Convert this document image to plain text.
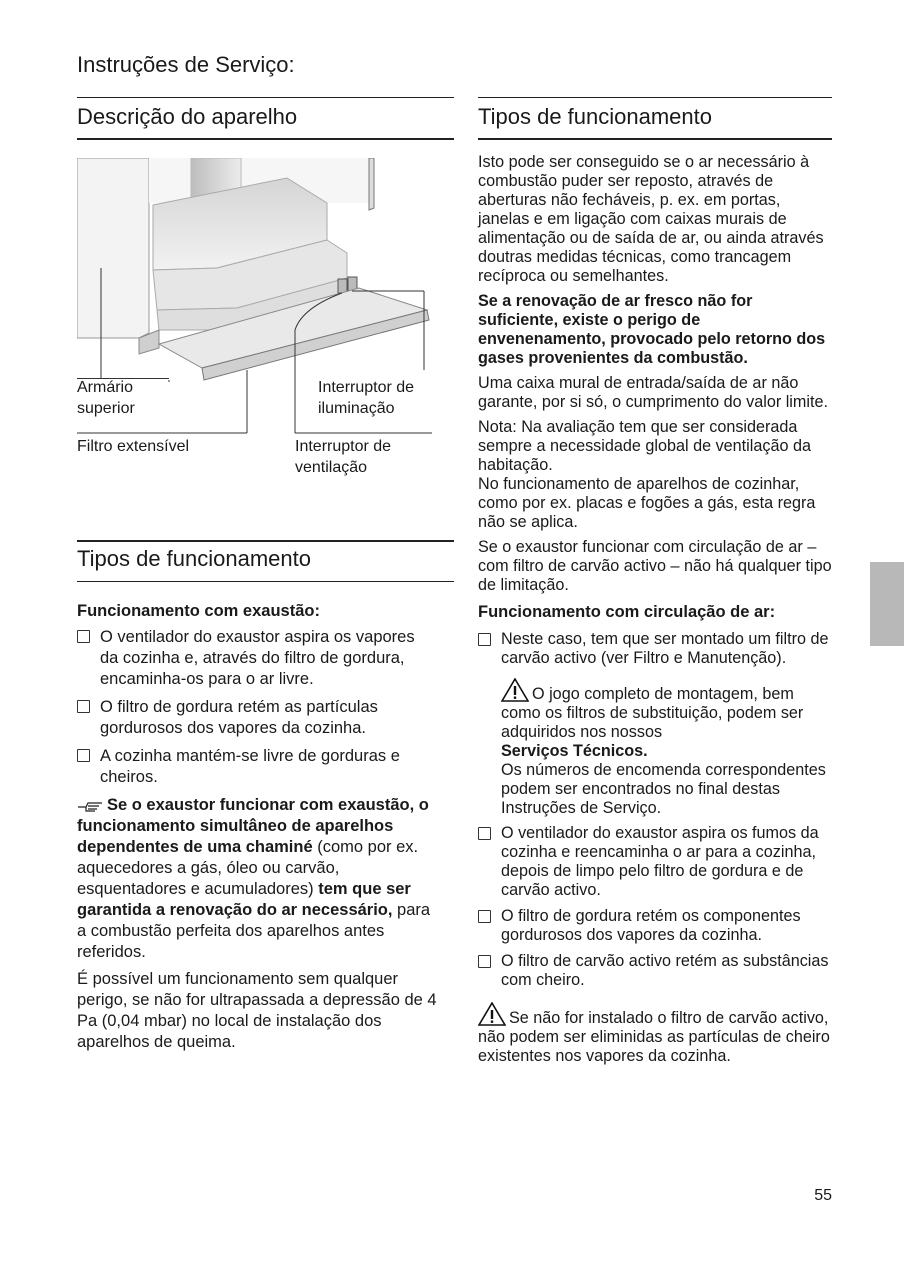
Instruções de Serviço:
Descrição do aparelho
Armário
superior
Interruptor de
iluminação
Filtro extensível	Interruptor de
ventilação
Tipos de funcionamento
Funcionamento com exaustão:
O ventilador do exaustor aspira os vapores da cozinha e, através do filtro de gordura, encaminha-os para o ar livre.
O filtro de gordura retém as partículas gordurosos dos vapores da cozinha.
A cozinha mantém-se livre de gorduras e cheiros.

Se o exaustor funcionar com exaustão, o funcionamento simultâneo de aparelhos dependentes de uma chaminé (como por ex. aquecedores a gás, óleo ou carvão, esquentadores e acumuladores) tem que ser garantida a renovação do ar necessário, para a combustão perfeita dos aparelhos antes referidos.

É possível um funcionamento sem qualquer perigo, se não for ultrapassada a depressão de 4 Pa (0,04 mbar) no local de instalação dos aparelhos de queima.

Tipos de funcionamento

Isto pode ser conseguido se o ar necessário à combustão puder ser reposto, através de aberturas não fecháveis, p. ex. em portas, janelas e em ligação com caixas murais de alimentação ou de saída de ar, ou ainda através doutras medidas técnicas, como trancagem recíproca ou semelhantes.

Se a renovação de ar fresco não for suficiente, existe o perigo de envenenamento, provocado pelo retorno dos gases provenientes da combustão.

Uma caixa mural de entrada/saída de ar não garante, por si só, o cumprimento do valor limite.

Nota: Na avaliação tem que ser considerada sempre a necessidade global de ventilação da habitação.

No funcionamento de aparelhos de cozinhar, como por ex. placas e fogões a gás, esta regra não se aplica.

Se o exaustor funcionar com circulação de ar – com filtro de carvão activo – não há qualquer tipo de limitação.

Funcionamento com circulação de ar:
Neste caso, tem que ser montado um filtro de carvão activo (ver Filtro e Manutenção).
O jogo completo de montagem, bem como os filtros de substituição, podem ser adquiridos nos nossos
Serviços Técnicos.
Os números de encomenda correspondentes podem ser encontrados no final destas Instruções de Serviço.
O ventilador do exaustor aspira os fumos da cozinha e reencaminha o ar para a cozinha, depois de limpo pelo filtro de gordura e de carvão activo.
O filtro de gordura retém os componentes gordurosos dos vapores da cozinha.
O filtro de carvão activo retém as substâncias com cheiro.

Se não for instalado o filtro de carvão activo, não podem ser eliminidas as partículas de cheiro existentes nos vapores da cozinha.

55
